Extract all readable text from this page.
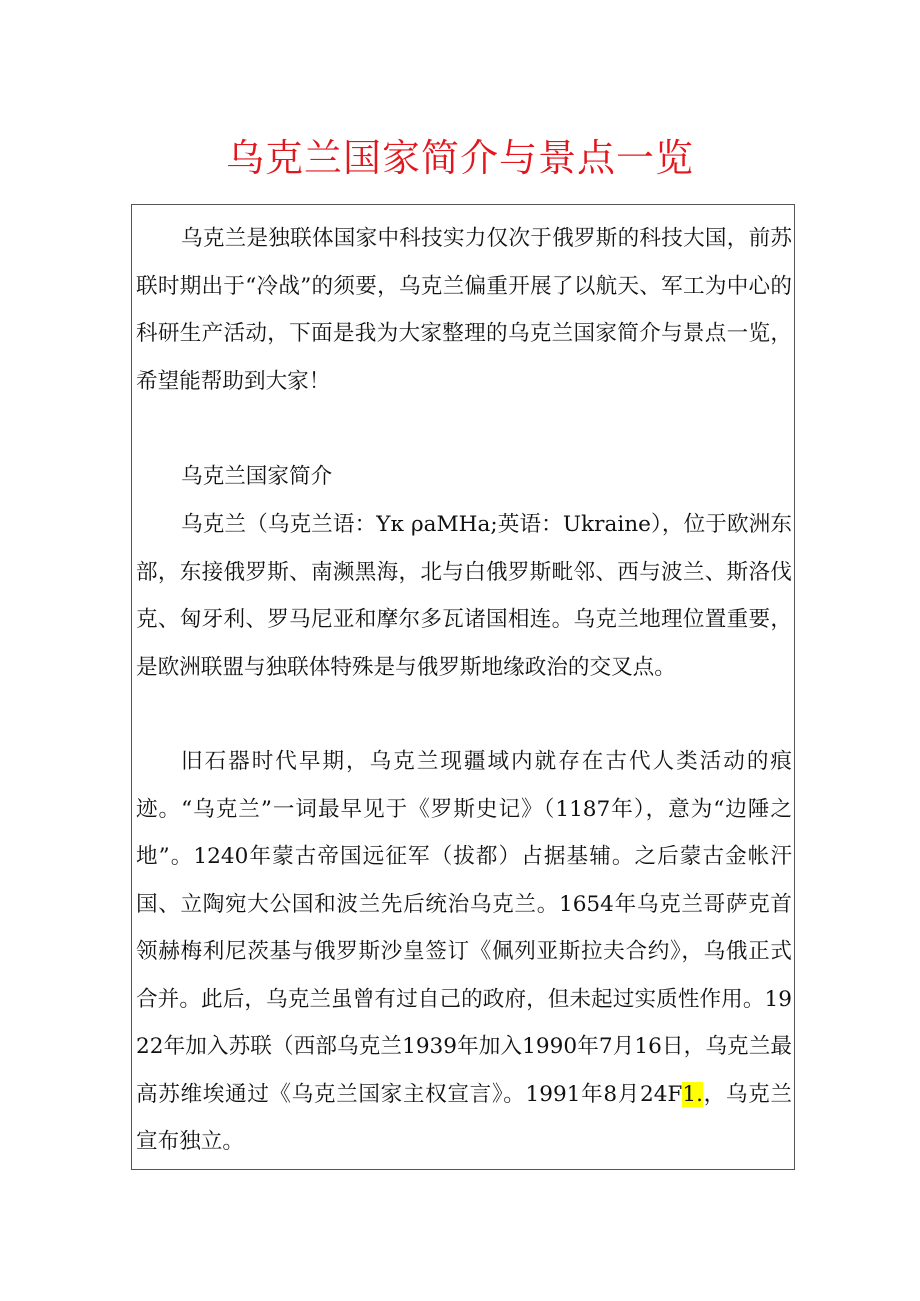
乌克兰国家简介与景点一览

乌克兰是独联体国家中科技实力仅次于俄罗斯的科技大国，前苏联时期出于“冷战”的须要，乌克兰偏重开展了以航天、军工为中心的科研生产活动，下面是我为大家整理的乌克兰国家简介与景点一览，希望能帮助到大家！

乌克兰国家简介

乌克兰（乌克兰语：Υκ ρaMHa;英语：Ukraine），位于欧洲东部，东接俄罗斯、南濒黑海，北与白俄罗斯毗邻、西与波兰、斯洛伐克、匈牙利、罗马尼亚和摩尔多瓦诸国相连。乌克兰地理位置重要，是欧洲联盟与独联体特殊是与俄罗斯地缘政治的交叉点。

旧石器时代早期，乌克兰现疆域内就存在古代人类活动的痕迹。“乌克兰”一词最早见于《罗斯史记》（1187年），意为“边陲之地”。1240年蒙古帝国远征军（拔都）占据基辅。之后蒙古金帐汗国、立陶宛大公国和波兰先后统治乌克兰。1654年乌克兰哥萨克首领赫梅利尼茨基与俄罗斯沙皇签订《佩列亚斯拉夫合约》，乌俄正式合并。此后，乌克兰虽曾有过自己的政府，但未起过实质性作用。1922年加入苏联（西部乌克兰1939年加入1990年7月16日，乌克兰最高苏维埃通过《乌克兰国家主权宣言》。1991年8月24F1.，乌克兰宣布独立。
